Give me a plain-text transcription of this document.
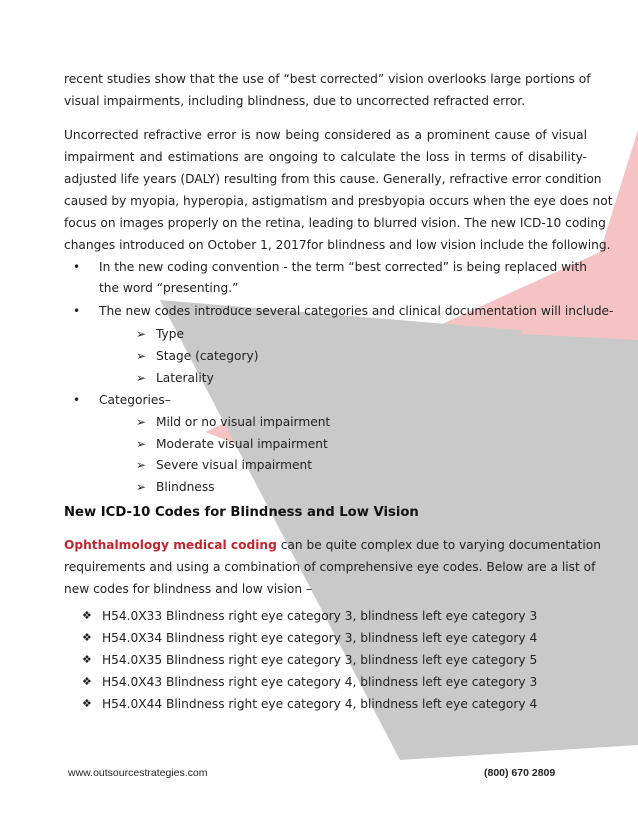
recent studies show that the use of “best corrected” vision overlooks large portions of
visual impairments, including blindness, due to uncorrected refracted error.
Uncorrected refractive error is now being considered as a prominent cause of visual
impairment and estimations are ongoing to calculate the loss in terms of disability-
adjusted life years (DALY) resulting from this cause. Generally, refractive error condition
caused by myopia, hyperopia, astigmatism and presbyopia occurs when the eye does not
focus on images properly on the retina, leading to blurred vision. The new ICD-10 coding
changes introduced on October 1, 2017for blindness and low vision include the following.
• In the new coding convention - the term “best corrected” is being replaced with
the word “presenting.”
• The new codes introduce several categories and clinical documentation will include-
➢ Type
➢ Stage (category)
➢ Laterality
• Categories–
➢ Mild or no visual impairment
➢ Moderate visual impairment
➢ Severe visual impairment
➢ Blindness
New ICD-10 Codes for Blindness and Low Vision
Ophthalmology medical coding can be quite complex due to varying documentation
requirements and using a combination of comprehensive eye codes. Below are a list of
new codes for blindness and low vision –
❖ H54.0X33 Blindness right eye category 3, blindness left eye category 3
❖ H54.0X34 Blindness right eye category 3, blindness left eye category 4
❖ H54.0X35 Blindness right eye category 3, blindness left eye category 5
❖ H54.0X43 Blindness right eye category 4, blindness left eye category 3
❖ H54.0X44 Blindness right eye category 4, blindness left eye category 4
www.outsourcestrategies.com	(800) 670 2809
